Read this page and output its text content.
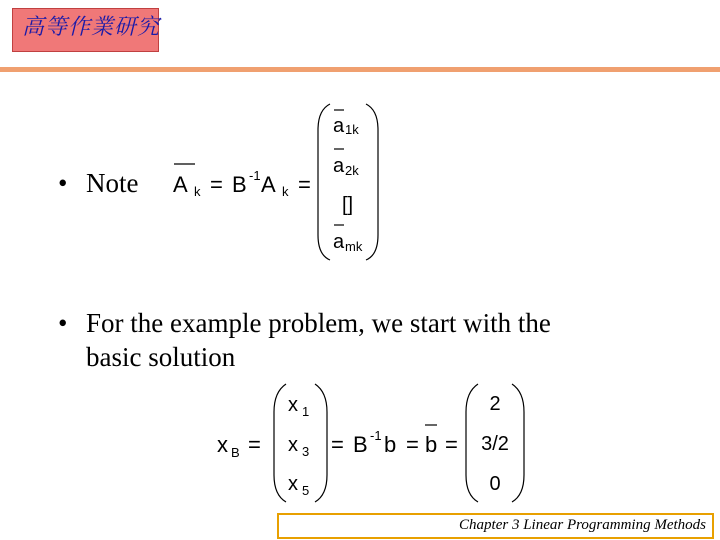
高等作業研究
• Note A k = B -1 A k =
a 1k
a 2k
[]
a mk
• For the example problem, we start with the
basic solution
x B =
x 1
x 3
x 5
= B -1 b = b =
2
3/2
0
Chapter 3 Linear Programming Methods
